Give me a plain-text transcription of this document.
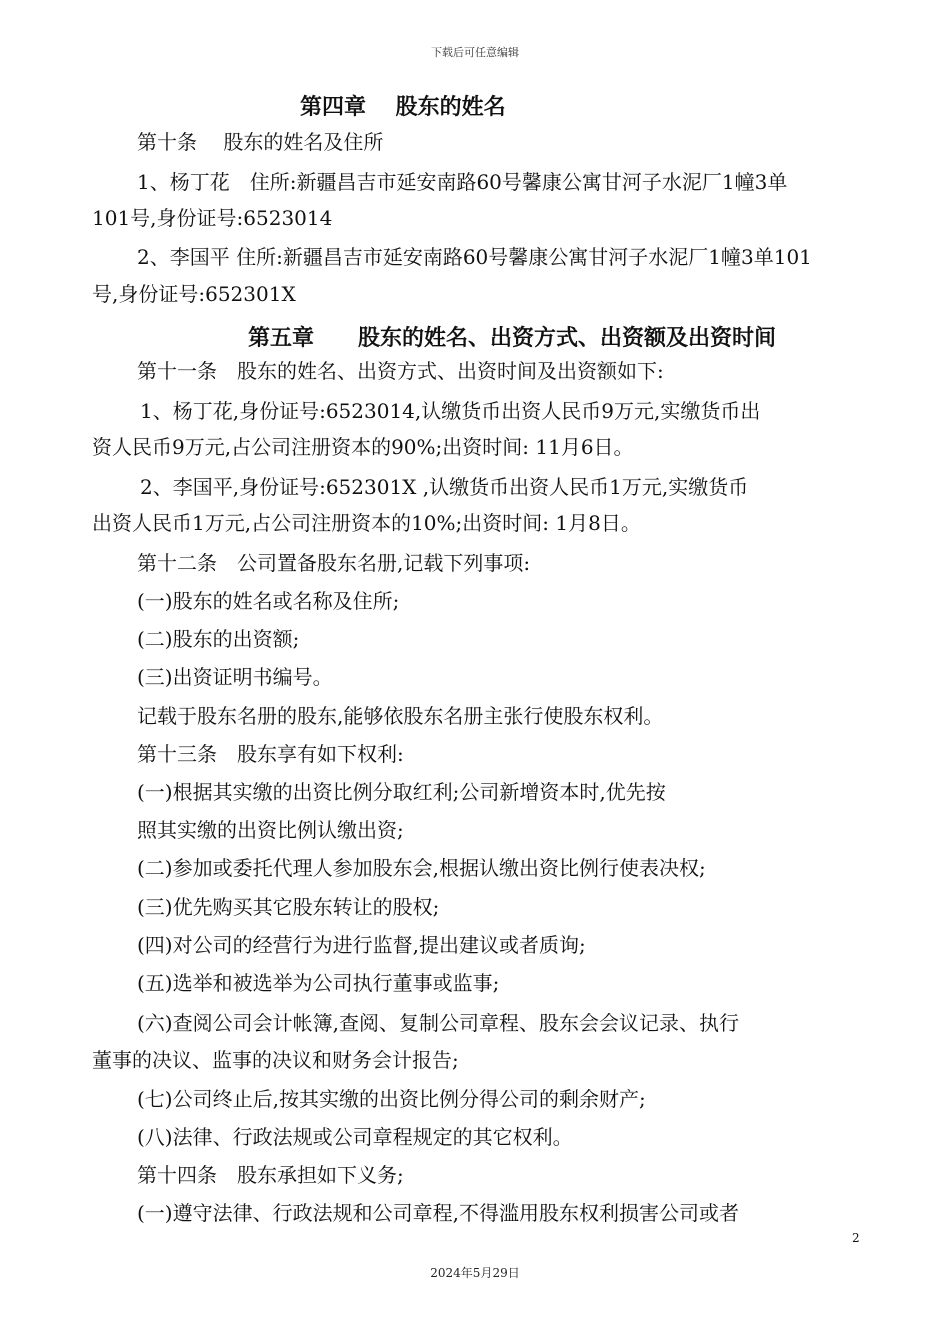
下载后可任意编辑
第四章　 股东的姓名
第十条　 股东的姓名及住所
1、杨丁花　住所:新疆昌吉市延安南路60号馨康公寓甘河子水泥厂1幢3单
101号,身份证号:6523014
2、李国平 住所:新疆昌吉市延安南路60号馨康公寓甘河子水泥厂1幢3单101
号,身份证号:652301X
第五章　　股东的姓名、出资方式、出资额及出资时间
第十一条　股东的姓名、出资方式、出资时间及出资额如下:
1、杨丁花,身份证号:6523014,认缴货币出资人民币9万元,实缴货币出
资人民币9万元,占公司注册资本的90%;出资时间: 11月6日。
2、李国平,身份证号:652301X ,认缴货币出资人民币1万元,实缴货币
出资人民币1万元,占公司注册资本的10%;出资时间: 1月8日。
第十二条　公司置备股东名册,记载下列事项:
(一)股东的姓名或名称及住所;
(二)股东的出资额;
(三)出资证明书编号。
记载于股东名册的股东,能够依股东名册主张行使股东权利。
第十三条　股东享有如下权利:
(一)根据其实缴的出资比例分取红利;公司新增资本时,优先按
照其实缴的出资比例认缴出资;
(二)参加或委托代理人参加股东会,根据认缴出资比例行使表决权;
(三)优先购买其它股东转让的股权;
(四)对公司的经营行为进行监督,提出建议或者质询;
(五)选举和被选举为公司执行董事或监事;
(六)查阅公司会计帐簿,查阅、复制公司章程、股东会会议记录、执行
董事的决议、监事的决议和财务会计报告;
(七)公司终止后,按其实缴的出资比例分得公司的剩余财产;
(八)法律、行政法规或公司章程规定的其它权利。
第十四条　股东承担如下义务;
(一)遵守法律、行政法规和公司章程,不得滥用股东权利损害公司或者
2
2024年5月29日
